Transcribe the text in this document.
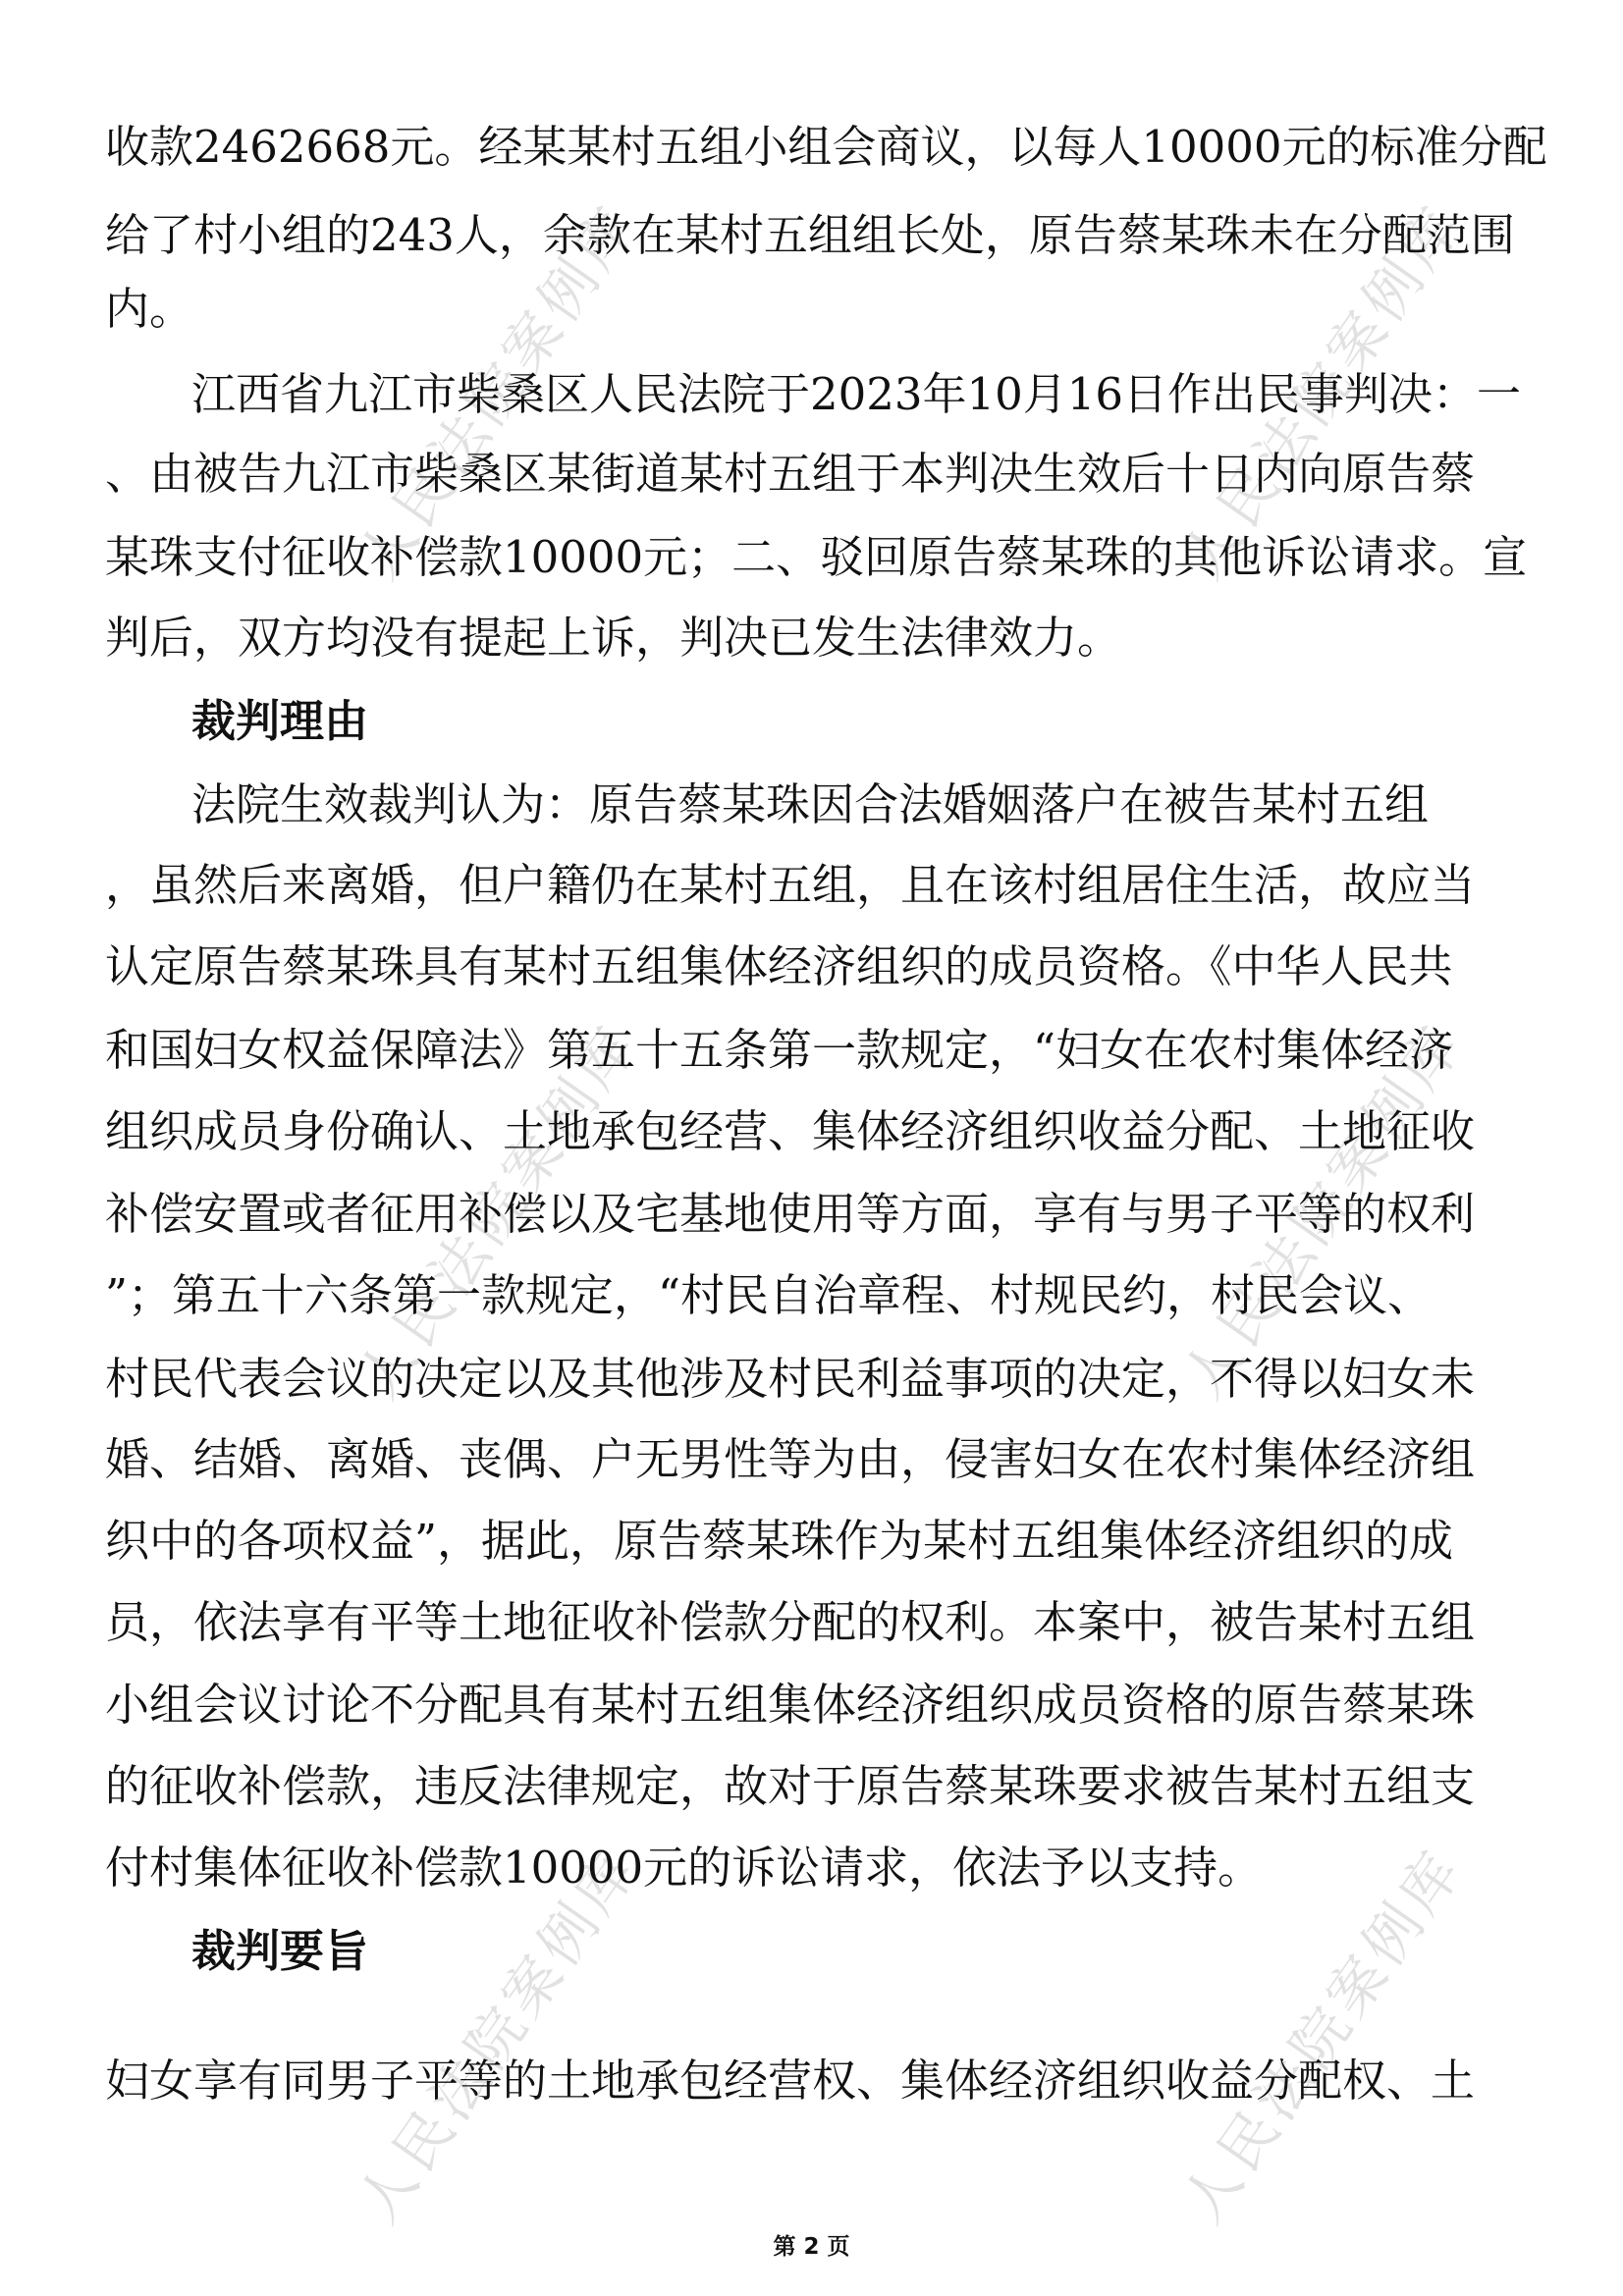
人民法院案例库	人民法院案例库
人民法院案例库	人民法院案例库
人民法院案例库	人民法院案例库
收款2462668元。经某某村五组小组会商议，以每人10000元的标准分配
给了村小组的243人，余款在某村五组组长处，原告蔡某珠未在分配范围
内。
江西省九江市柴桑区人民法院于2023年10月16日作出民事判决：一
、由被告九江市柴桑区某街道某村五组于本判决生效后十日内向原告蔡
某珠支付征收补偿款10000元；二、驳回原告蔡某珠的其他诉讼请求。宣
判后，双方均没有提起上诉，判决已发生法律效力。
裁判理由
法院生效裁判认为：原告蔡某珠因合法婚姻落户在被告某村五组
，虽然后来离婚，但户籍仍在某村五组，且在该村组居住生活，故应当
认定原告蔡某珠具有某村五组集体经济组织的成员资格。《中华人民共
和国妇女权益保障法》第五十五条第一款规定，“妇女在农村集体经济
组织成员身份确认、土地承包经营、集体经济组织收益分配、土地征收
补偿安置或者征用补偿以及宅基地使用等方面，享有与男子平等的权利
”；第五十六条第一款规定，“村民自治章程、村规民约，村民会议、
村民代表会议的决定以及其他涉及村民利益事项的决定，不得以妇女未
婚、结婚、离婚、丧偶、户无男性等为由，侵害妇女在农村集体经济组
织中的各项权益”，据此，原告蔡某珠作为某村五组集体经济组织的成
员，依法享有平等土地征收补偿款分配的权利。本案中，被告某村五组
小组会议讨论不分配具有某村五组集体经济组织成员资格的原告蔡某珠
的征收补偿款，违反法律规定，故对于原告蔡某珠要求被告某村五组支
付村集体征收补偿款10000元的诉讼请求，依法予以支持。
裁判要旨
妇女享有同男子平等的土地承包经营权、集体经济组织收益分配权、土
第 2 页
